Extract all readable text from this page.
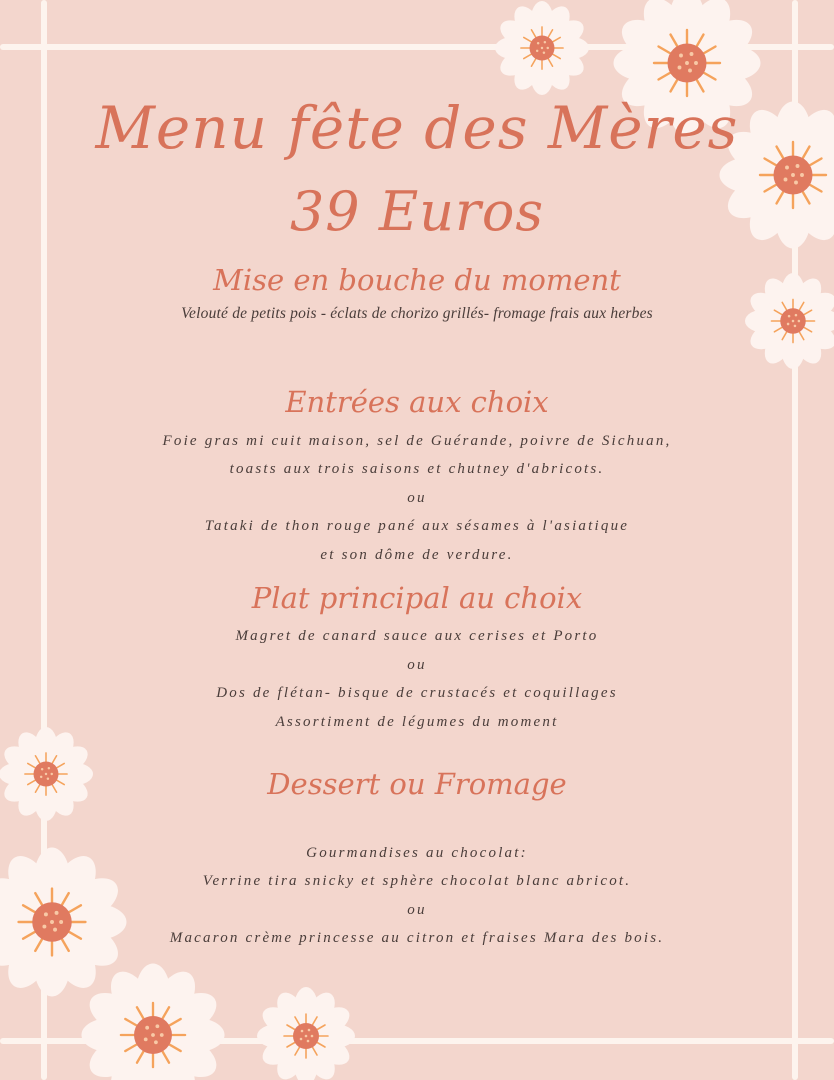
Menu fête des Mères
39 Euros
Mise en bouche du moment
Velouté de petits pois - éclats de chorizo grillés- fromage frais aux herbes
Entrées aux choix
Foie gras mi cuit maison, sel de Guérande, poivre de Sichuan,
toasts aux trois saisons et chutney d'abricots.
ou
Tataki de thon rouge pané aux sésames à l'asiatique
et son dôme de verdure.
Plat principal au choix
Magret de canard sauce aux cerises et Porto
ou
Dos de flétan- bisque de crustacés et coquillages
Assortiment de légumes du moment
Dessert ou Fromage
Gourmandises au chocolat:
Verrine tira snicky et sphère chocolat blanc abricot.
ou
Macaron crème princesse au citron et fraises Mara des bois.
